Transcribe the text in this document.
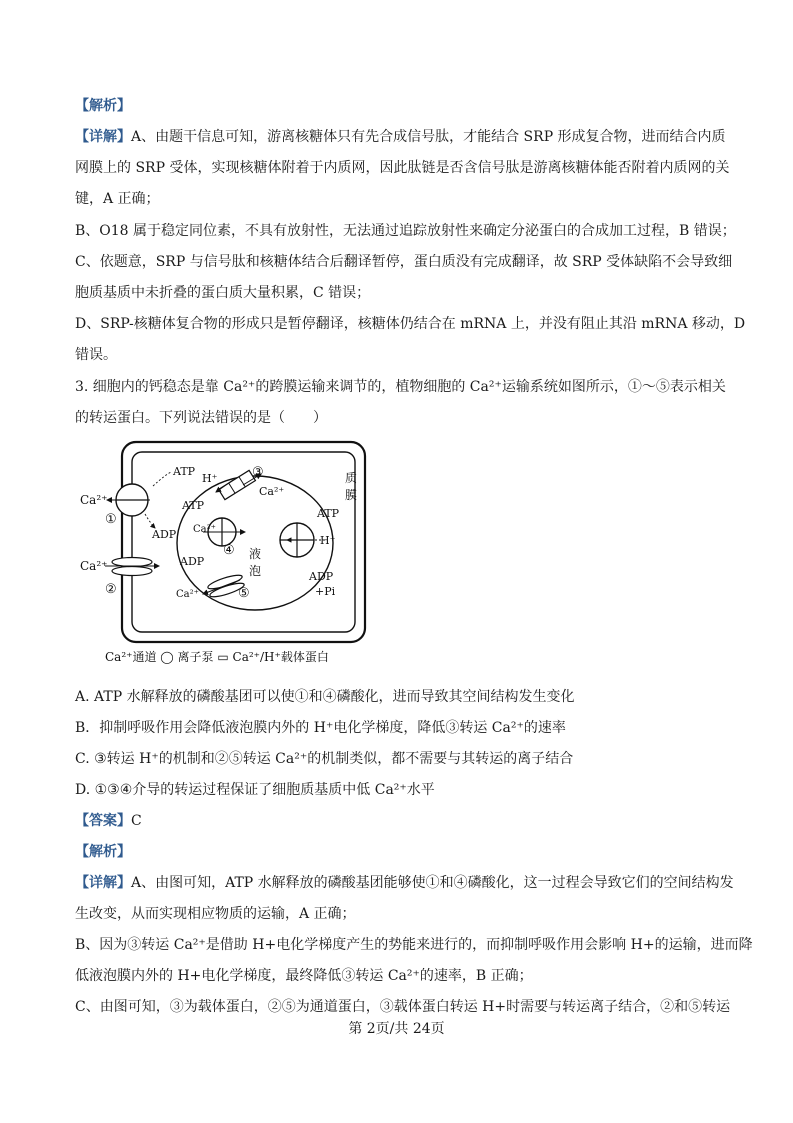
【解析】
【详解】A、由题干信息可知，游离核糖体只有先合成信号肽，才能结合 SRP 形成复合物，进而结合内质
网膜上的 SRP 受体，实现核糖体附着于内质网，因此肽链是否含信号肽是游离核糖体能否附着内质网的关
键，A 正确；
B、O18 属于稳定同位素，不具有放射性，无法通过追踪放射性来确定分泌蛋白的合成加工过程，B 错误；
C、依题意，SRP 与信号肽和核糖体结合后翻译暂停，蛋白质没有完成翻译，故 SRP 受体缺陷不会导致细
胞质基质中未折叠的蛋白质大量积累，C 错误；
D、SRP-核糖体复合物的形成只是暂停翻译，核糖体仍结合在 mRNA 上，并没有阻止其沿 mRNA 移动，D
错误。
3. 细胞内的钙稳态是靠 Ca²⁺的跨膜运输来调节的，植物细胞的 Ca²⁺运输系统如图所示，①～⑤表示相关
的转运蛋白。下列说法错误的是（　　）
Ca²⁺
①
ATP
ADP
Ca²⁺
②
H⁺
Ca²⁺
③
ATP
ADP
Ca²⁺
④ 液
泡
ATP
H⁺
ADP
+Pi
质
膜
Ca²⁺	⑤
Ca²⁺通道 ◯ 离子泵 ▭ Ca²⁺/H⁺载体蛋白
A. ATP 水解释放的磷酸基团可以使①和④磷酸化，进而导致其空间结构发生变化
B．抑制呼吸作用会降低液泡膜内外的 H⁺电化学梯度，降低③转运 Ca²⁺的速率
C. ③转运 H⁺的机制和②⑤转运 Ca²⁺的机制类似，都不需要与其转运的离子结合
D. ①③④介导的转运过程保证了细胞质基质中低 Ca²⁺水平
【答案】C
【解析】
【详解】A、由图可知，ATP 水解释放的磷酸基团能够使①和④磷酸化，这一过程会导致它们的空间结构发
生改变，从而实现相应物质的运输，A 正确；
B、因为③转运 Ca²⁺是借助 H+电化学梯度产生的势能来进行的，而抑制呼吸作用会影响 H+的运输，进而降
低液泡膜内外的 H+电化学梯度，最终降低③转运 Ca²⁺的速率，B 正确；
C、由图可知，③为载体蛋白，②⑤为通道蛋白，③载体蛋白转运 H+时需要与转运离子结合，②和⑤转运
第 2页/共 24页
